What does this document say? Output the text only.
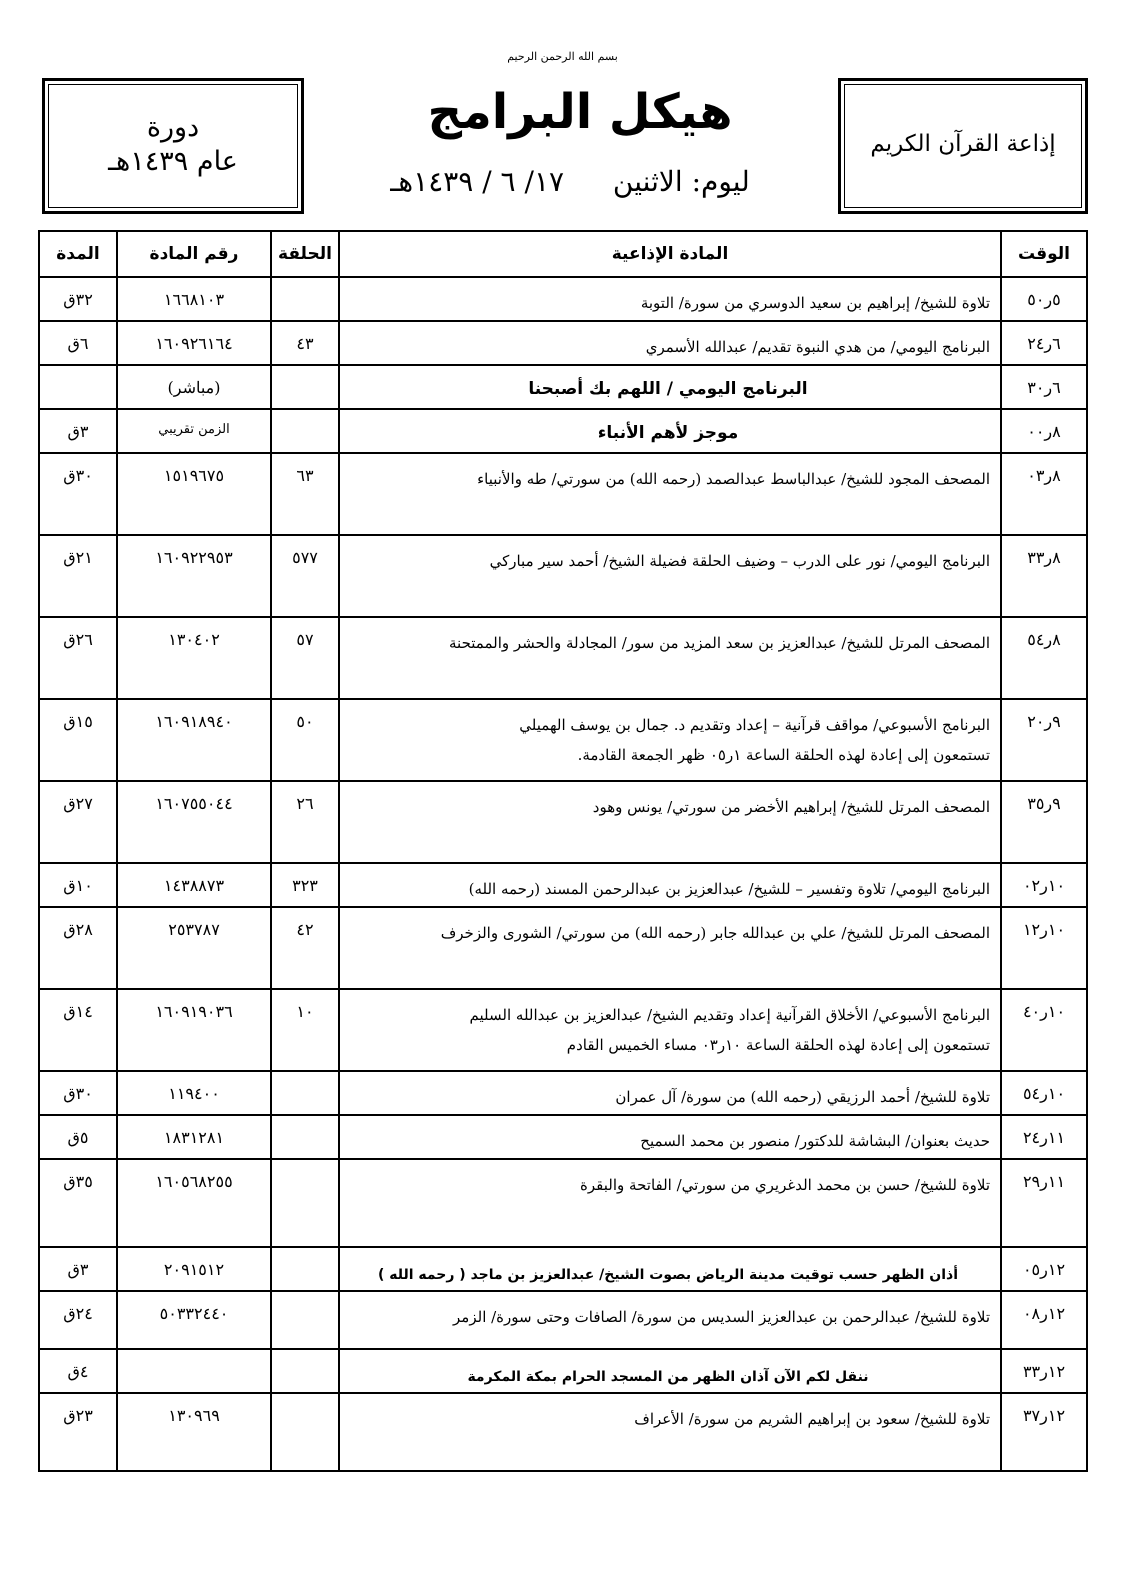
بسم الله الرحمن الرحيم
إذاعة القرآن الكريم
هيكل البرامج
ليوم: الاثنين ١٧/ ٦ / ١٤٣٩هـ
دورة
عام ١٤٣٩هـ
الوقت	المادة الإذاعية	الحلقة	رقم المادة	المدة
٥ر٥٠	تلاوة للشيخ/ إبراهيم بن سعيد الدوسري من سورة/ التوبة		١٦٦٨١٠٣	٣٢ق
٦ر٢٤	البرنامج اليومي/ من هدي النبوة تقديم/ عبدالله الأسمري	٤٣	١٦٠٩٢٦١٦٤	٦ق
٦ر٣٠	البرنامج اليومي / اللهم بك أصبحنا		(مباشر)	
٨ر٠٠	موجز لأهم الأنباء		الزمن تقريبي	٣ق
٨ر٠٣	المصحف المجود للشيخ/ عبدالباسط عبدالصمد (رحمه الله) من سورتي/ طه والأنبياء	٦٣	١٥١٩٦٧٥	٣٠ق
٨ر٣٣	البرنامج اليومي/ نور على الدرب – وضيف الحلقة فضيلة الشيخ/ أحمد سير مباركي	٥٧٧	١٦٠٩٢٢٩٥٣	٢١ق
٨ر٥٤	المصحف المرتل للشيخ/ عبدالعزيز بن سعد المزيد من سور/ المجادلة والحشر والممتحنة	٥٧	١٣٠٤٠٢	٢٦ق
٩ر٢٠	البرنامج الأسبوعي/ مواقف قرآنية – إعداد وتقديم د. جمال بن يوسف الهميلي
تستمعون إلى إعادة لهذه الحلقة الساعة ١ر٠٥ ظهر الجمعة القادمة.	٥٠	١٦٠٩١٨٩٤٠	١٥ق
٩ر٣٥	المصحف المرتل للشيخ/ إبراهيم الأخضر من سورتي/ يونس وهود	٢٦	١٦٠٧٥٥٠٤٤	٢٧ق
١٠ر٠٢	البرنامج اليومي/ تلاوة وتفسير – للشيخ/ عبدالعزيز بن عبدالرحمن المسند (رحمه الله)	٣٢٣	١٤٣٨٨٧٣	١٠ق
١٠ر١٢	المصحف المرتل للشيخ/ علي بن عبدالله جابر (رحمه الله) من سورتي/ الشورى والزخرف	٤٢	٢٥٣٧٨٧	٢٨ق
١٠ر٤٠	البرنامج الأسبوعي/ الأخلاق القرآنية إعداد وتقديم الشيخ/ عبدالعزيز بن عبدالله السليم
تستمعون إلى إعادة لهذه الحلقة الساعة ١٠ر٠٣ مساء الخميس القادم	١٠	١٦٠٩١٩٠٣٦	١٤ق
١٠ر٥٤	تلاوة للشيخ/ أحمد الرزيقي (رحمه الله) من سورة/ آل عمران		١١٩٤٠٠	٣٠ق
١١ر٢٤	حديث بعنوان/ البشاشة للدكتور/ منصور بن محمد السميح		١٨٣١٢٨١	٥ق
١١ر٢٩	تلاوة للشيخ/ حسن بن محمد الدغريري من سورتي/ الفاتحة والبقرة		١٦٠٥٦٨٢٥٥	٣٥ق
١٢ر٠٥	أذان الظهر حسب توقيت مدينة الرياض بصوت الشيخ/ عبدالعزيز بن ماجد ( رحمه الله )		٢٠٩١٥١٢	٣ق
١٢ر٠٨	تلاوة للشيخ/ عبدالرحمن بن عبدالعزيز السديس من سورة/ الصافات وحتى سورة/ الزمر		٥٠٣٣٢٤٤٠	٢٤ق
١٢ر٣٣	ننقل لكم الآن آذان الظهر من المسجد الحرام بمكة المكرمة			٤ق
١٢ر٣٧	تلاوة للشيخ/ سعود بن إبراهيم الشريم من سورة/ الأعراف		١٣٠٩٦٩	٢٣ق
